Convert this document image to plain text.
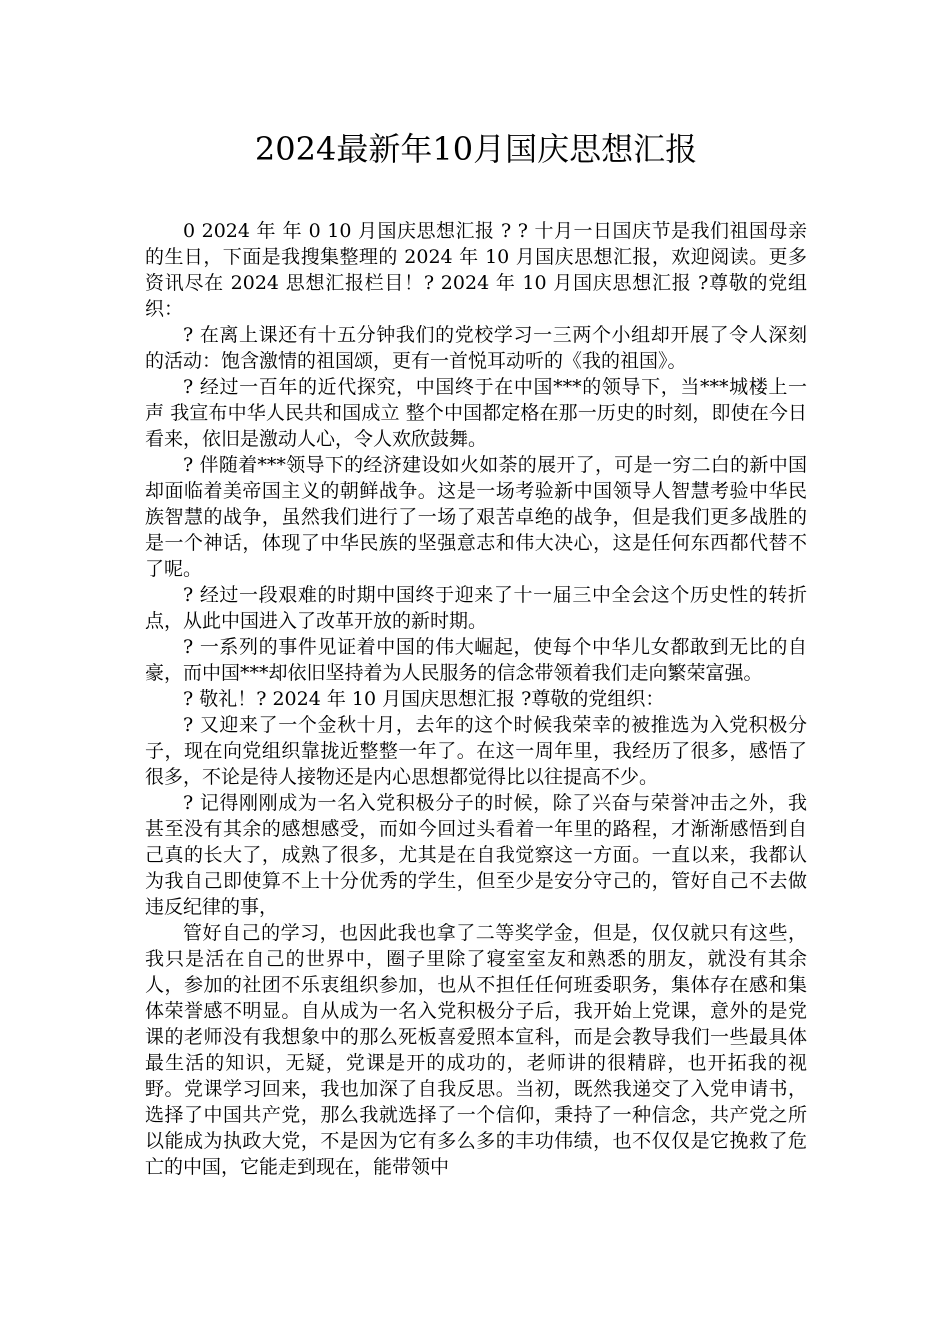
2024最新年10月国庆思想汇报

0 2024 年 年 0 10 月国庆思想汇报 ? ? 十月一日国庆节是我们祖国母亲的生日，下面是我搜集整理的 2024 年 10 月国庆思想汇报，欢迎阅读。更多资讯尽在 2024 思想汇报栏目！? 2024 年 10 月国庆思想汇报 ?尊敬的党组织：

? 在离上课还有十五分钟我们的党校学习一三两个小组却开展了令人深刻的活动：饱含激情的祖国颂，更有一首悦耳动听的《我的祖国》。

? 经过一百年的近代探究，中国终于在中国***的领导下，当***城楼上一声 我宣布中华人民共和国成立 整个中国都定格在那一历史的时刻，即使在今日看来，依旧是激动人心，令人欢欣鼓舞。

? 伴随着***领导下的经济建设如火如荼的展开了，可是一穷二白的新中国却面临着美帝国主义的朝鲜战争。这是一场考验新中国领导人智慧考验中华民族智慧的战争，虽然我们进行了一场了艰苦卓绝的战争，但是我们更多战胜的是一个神话，体现了中华民族的坚强意志和伟大决心，这是任何东西都代替不了呢。

? 经过一段艰难的时期中国终于迎来了十一届三中全会这个历史性的转折点，从此中国进入了改革开放的新时期。

? 一系列的事件见证着中国的伟大崛起，使每个中华儿女都敢到无比的自豪，而中国***却依旧坚持着为人民服务的信念带领着我们走向繁荣富强。

? 敬礼！? 2024 年 10 月国庆思想汇报 ?尊敬的党组织：

? 又迎来了一个金秋十月，去年的这个时候我荣幸的被推选为入党积极分子，现在向党组织靠拢近整整一年了。在这一周年里，我经历了很多，感悟了很多，不论是待人接物还是内心思想都觉得比以往提高不少。

? 记得刚刚成为一名入党积极分子的时候，除了兴奋与荣誉冲击之外，我甚至没有其余的感想感受，而如今回过头看着一年里的路程，才渐渐感悟到自己真的长大了，成熟了很多，尤其是在自我觉察这一方面。一直以来，我都认为我自己即使算不上十分优秀的学生，但至少是安分守己的，管好自己不去做违反纪律的事，

管好自己的学习，也因此我也拿了二等奖学金，但是，仅仅就只有这些，我只是活在自己的世界中，圈子里除了寝室室友和熟悉的朋友，就没有其余人，参加的社团不乐衷组织参加，也从不担任任何班委职务，集体存在感和集体荣誉感不明显。自从成为一名入党积极分子后，我开始上党课，意外的是党课的老师没有我想象中的那么死板喜爱照本宣科，而是会教导我们一些最具体最生活的知识，无疑，党课是开的成功的，老师讲的很精辟，也开拓我的视野。党课学习回来，我也加深了自我反思。当初，既然我递交了入党申请书，选择了中国共产党，那么我就选择了一个信仰，秉持了一种信念，共产党之所以能成为执政大党，不是因为它有多么多的丰功伟绩，也不仅仅是它挽救了危亡的中国，它能走到现在，能带领中
